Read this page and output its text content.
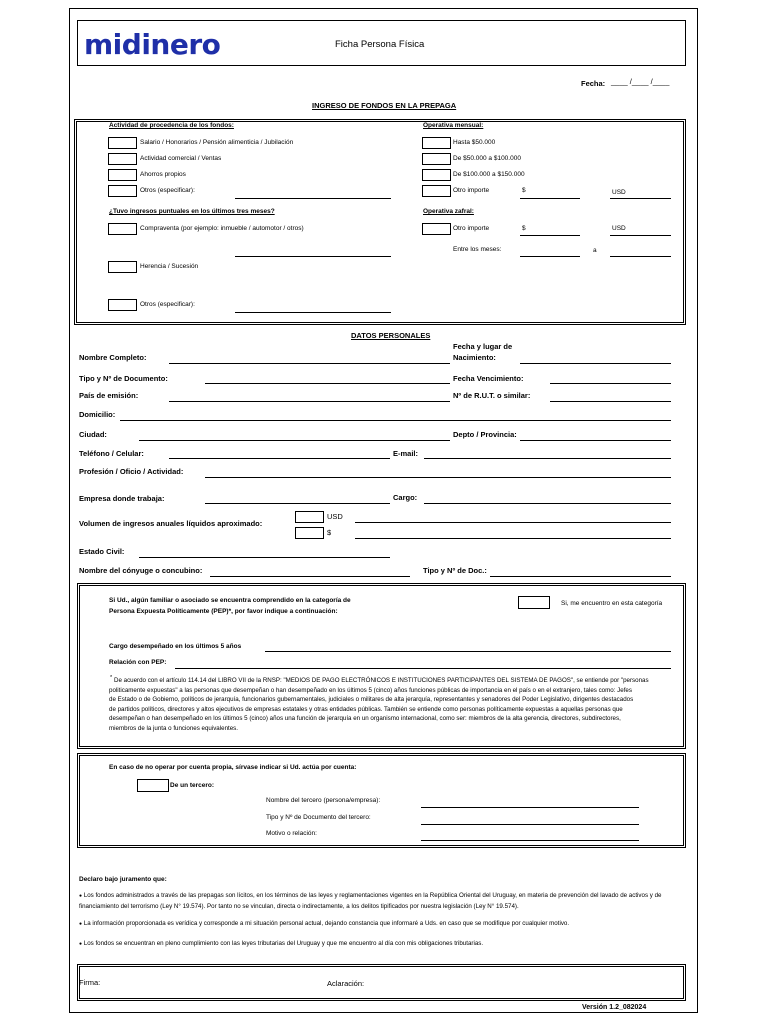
midinero	Ficha Persona Física
Fecha: ____ /____ /____
INGRESO DE FONDOS EN LA PREPAGA
Actividad de procedencia de los fondos:
Salario / Honorarios / Pensión alimenticia / Jubilación
Actividad comercial / Ventas
Ahorros propios
Otros (especificar):
Operativa mensual:
Hasta $50.000
De $50.000 a $100.000
De $100.000 a $150.000
Otro importe	$	USD
¿Tuvo ingresos puntuales en los últimos tres meses?
Compraventa (por ejemplo: inmueble / automotor / otros)
Herencia / Sucesión
Otros (especificar):
Operativa zafral:
Otro importe	$	USD
Entre los meses:	a
DATOS PERSONALES
Nombre Completo:
Fecha y lugar de
Nacimiento:
Tipo y Nº de Documento:	Fecha Vencimiento:
País de emisión:	Nº de R.U.T. o similar:
Domicilio:
Ciudad:	Depto / Provincia:
Teléfono / Celular:	E-mail:
Profesión / Oficio / Actividad:
Empresa donde trabaja:	Cargo:
Volumen de ingresos anuales líquidos aproximado:
USD
$
Estado Civil:
Nombre del cónyuge o concubino:	Tipo y Nº de Doc.:
Si Ud., algún familiar o asociado se encuentra comprendido en la categoría de
Persona Expuesta Políticamente (PEP)*, por favor indique a continuación:
Si, me encuentro en esta categoría
Cargo desempeñado en los últimos 5 años
Relación con PEP:
* De acuerdo con el artículo 114.14 del LIBRO VII de la RNSP: "MEDIOS DE PAGO ELECTRÓNICOS E INSTITUCIONES PARTICIPANTES DEL SISTEMA DE PAGOS", se entiende por "personas
politicamente expuestas" a las personas que desempeñan o han desempeñado en los últimos 5 (cinco) años funciones públicas de importancia en el país o en el extranjero, tales como: Jefes
de Estado o de Gobierno, políticos de jerarquía, funcionarios gubernamentales, judiciales o militares de alta jerarquía, representantes y senadores del Poder Legislativo, dirigentes destacados
de partidos políticos, directores y altos ejecutivos de empresas estatales y otras entidades públicas. También se entiende como personas políticamente expuestas a aquellas personas que
desempeñan o han desempeñado en los últimos 5 (cinco) años una función de jerarquía en un organismo internacional, como ser: miembros de la alta gerencia, directores, subdirectores,
miembros de la junta o funciones equivalentes.
En caso de no operar por cuenta propia, sírvase indicar si Ud. actúa por cuenta:
De un tercero:
Nombre del tercero (persona/empresa):
Tipo y Nº de Documento del tercero:
Motivo o relación:
Declaro bajo juramento que:
● Los fondos administrados a través de las prepagas son lícitos, en los términos de las leyes y reglamentaciones vigentes en la República Oriental del Uruguay, en materia de prevención del lavado de activos y de
financiamiento del terrorismo (Ley N° 19.574). Por tanto no se vinculan, directa o indirectamente, a los delitos tipificados por nuestra legislación (Ley N° 19.574).
● La información proporcionada es verídica y corresponde a mi situación personal actual, dejando constancia que informaré a Uds. en caso que se modifique por cualquier motivo.
● Los fondos se encuentran en pleno cumplimiento con las leyes tributarias del Uruguay y que me encuentro al día con mis obligaciones tributarias.
Firma:	Aclaración:
Versión 1.2_082024
